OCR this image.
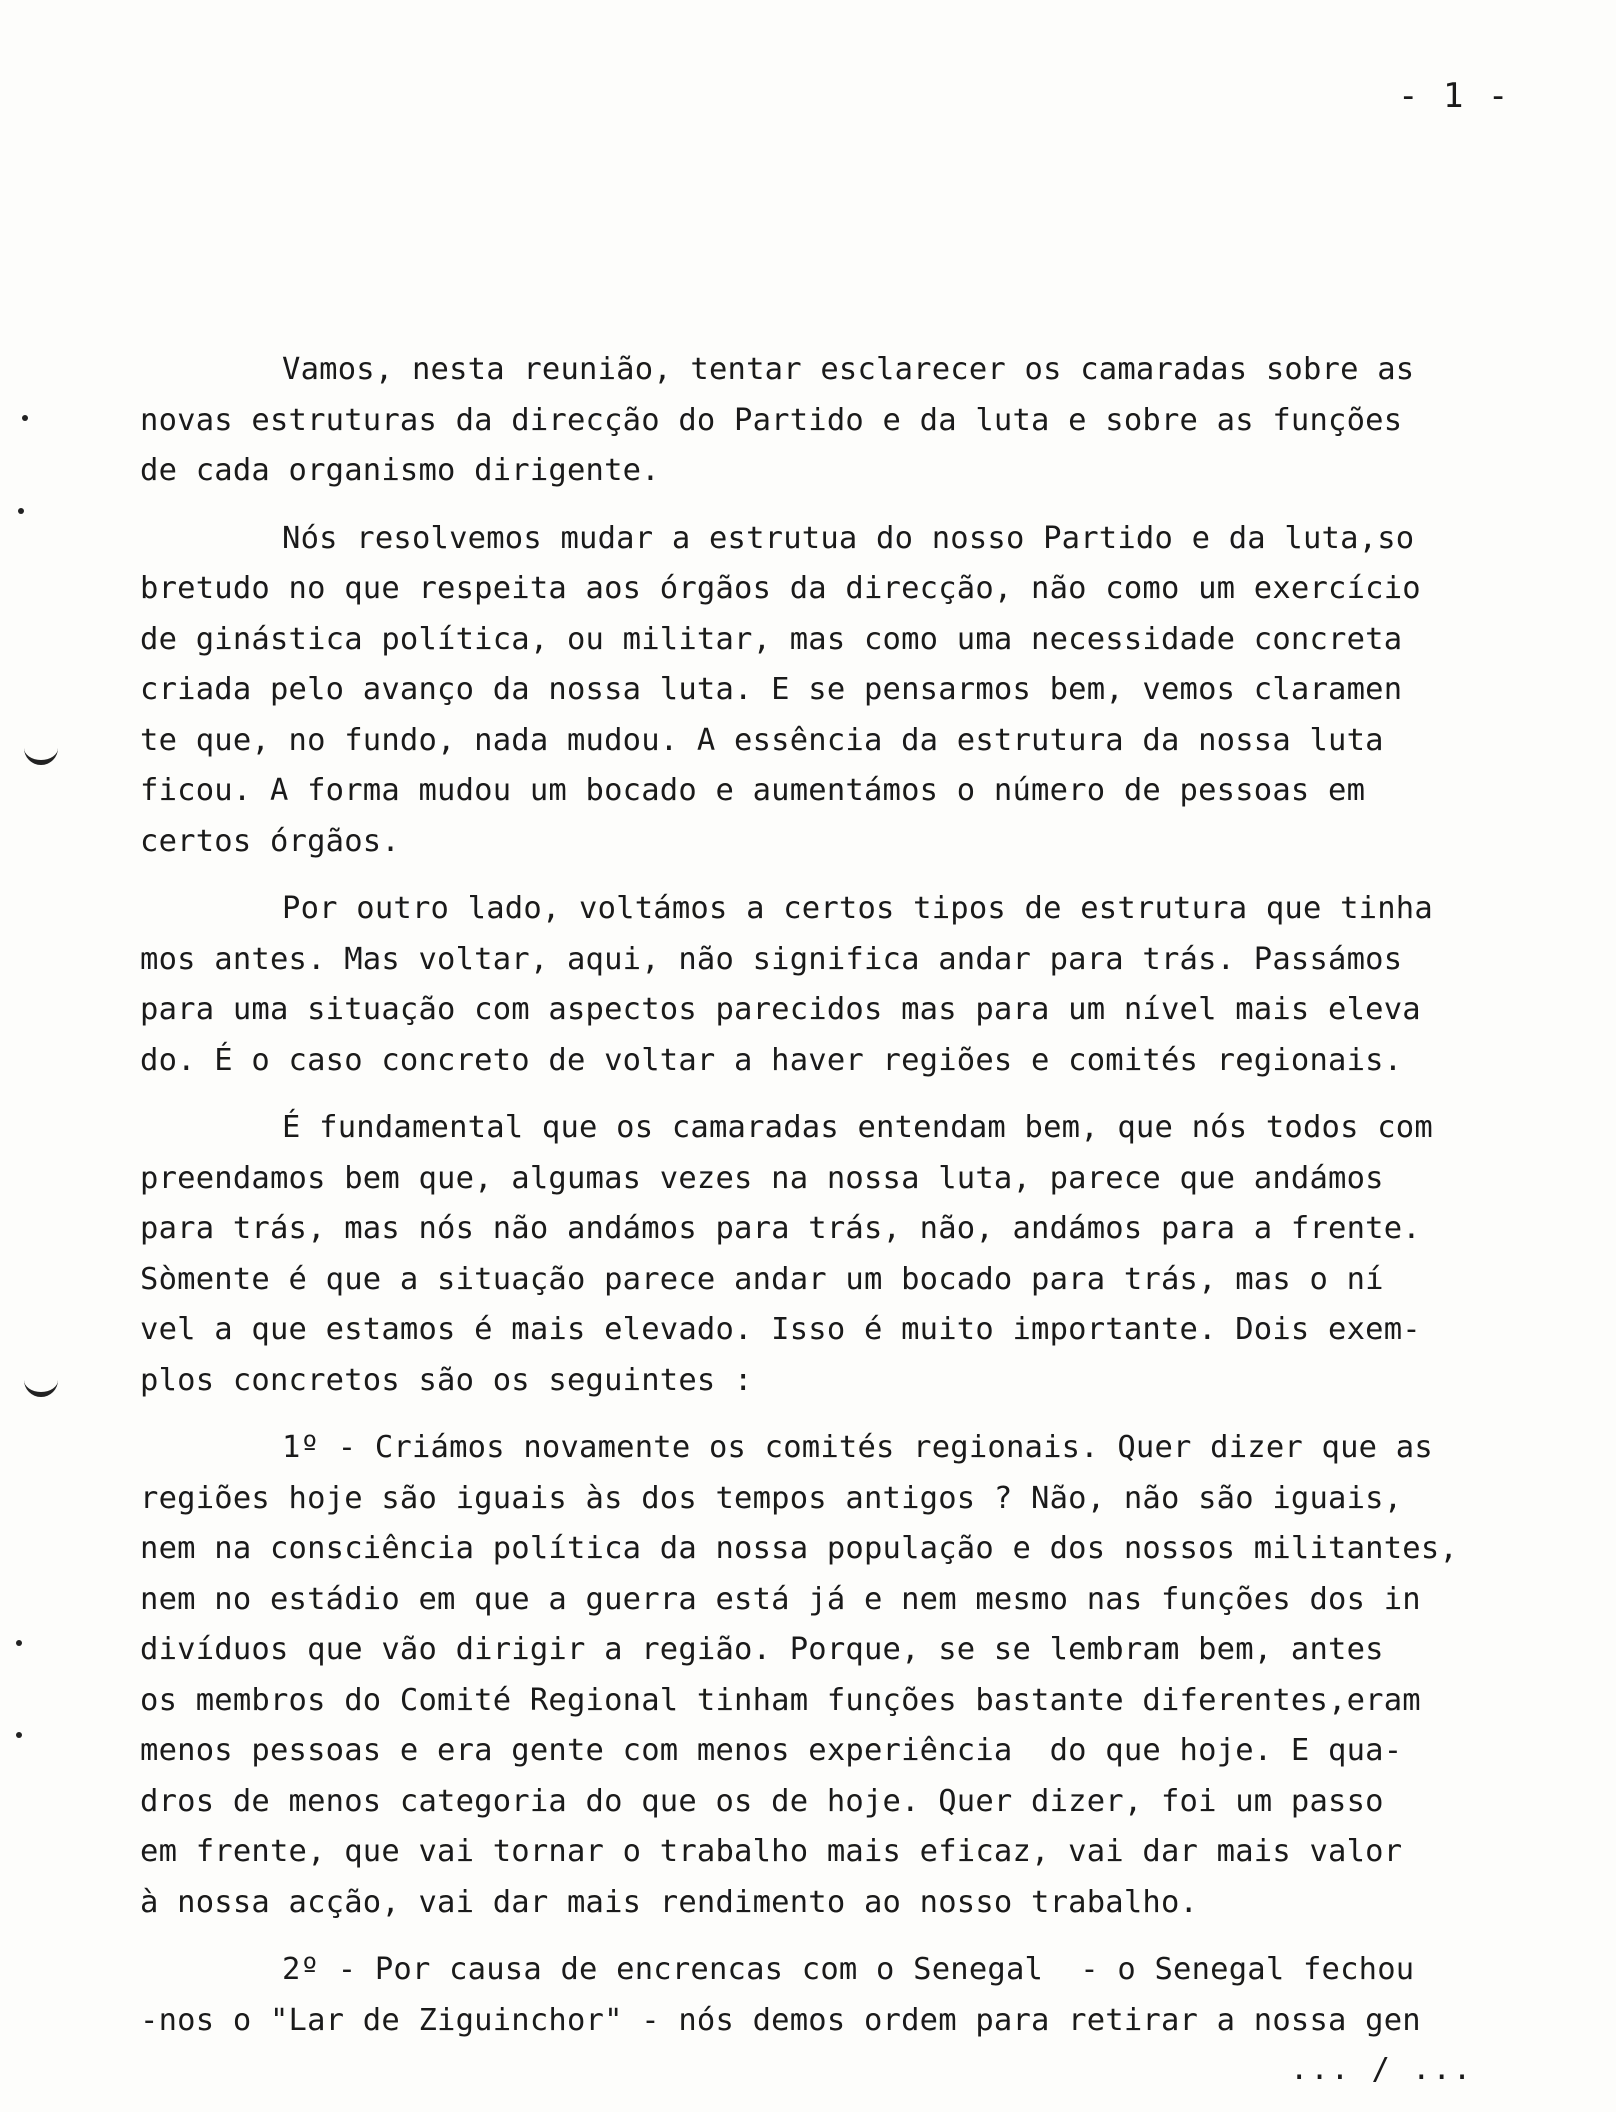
- 1 -
Vamos, nesta reunião, tentar esclarecer os camaradas sobre as
novas estruturas da direcção do Partido e da luta e sobre as funções
de cada organismo dirigente.
Nós resolvemos mudar a estrutua do nosso Partido e da luta,so
bretudo no que respeita aos órgãos da direcção, não como um exercício
de ginástica política, ou militar, mas como uma necessidade concreta
criada pelo avanço da nossa luta. E se pensarmos bem, vemos claramen
te que, no fundo, nada mudou. A essência da estrutura da nossa luta
ficou. A forma mudou um bocado e aumentámos o número de pessoas em
certos órgãos.
Por outro lado, voltámos a certos tipos de estrutura que tinha
mos antes. Mas voltar, aqui, não significa andar para trás. Passámos
para uma situação com aspectos parecidos mas para um nível mais eleva
do. É o caso concreto de voltar a haver regiões e comités regionais.
É fundamental que os camaradas entendam bem, que nós todos com
preendamos bem que, algumas vezes na nossa luta, parece que andámos
para trás, mas nós não andámos para trás, não, andámos para a frente.
Sòmente é que a situação parece andar um bocado para trás, mas o ní
vel a que estamos é mais elevado. Isso é muito importante. Dois exem-
plos concretos são os seguintes :
1º - Criámos novamente os comités regionais. Quer dizer que as
regiões hoje são iguais às dos tempos antigos ? Não, não são iguais,
nem na consciência política da nossa população e dos nossos militantes,
nem no estádio em que a guerra está já e nem mesmo nas funções dos in
divíduos que vão dirigir a região. Porque, se se lembram bem, antes
os membros do Comité Regional tinham funções bastante diferentes,eram
menos pessoas e era gente com menos experiência  do que hoje. E qua-
dros de menos categoria do que os de hoje. Quer dizer, foi um passo
em frente, que vai tornar o trabalho mais eficaz, vai dar mais valor
à nossa acção, vai dar mais rendimento ao nosso trabalho.
2º - Por causa de encrencas com o Senegal  - o Senegal fechou
-nos o "Lar de Ziguinchor" - nós demos ordem para retirar a nossa gen
... / ...
